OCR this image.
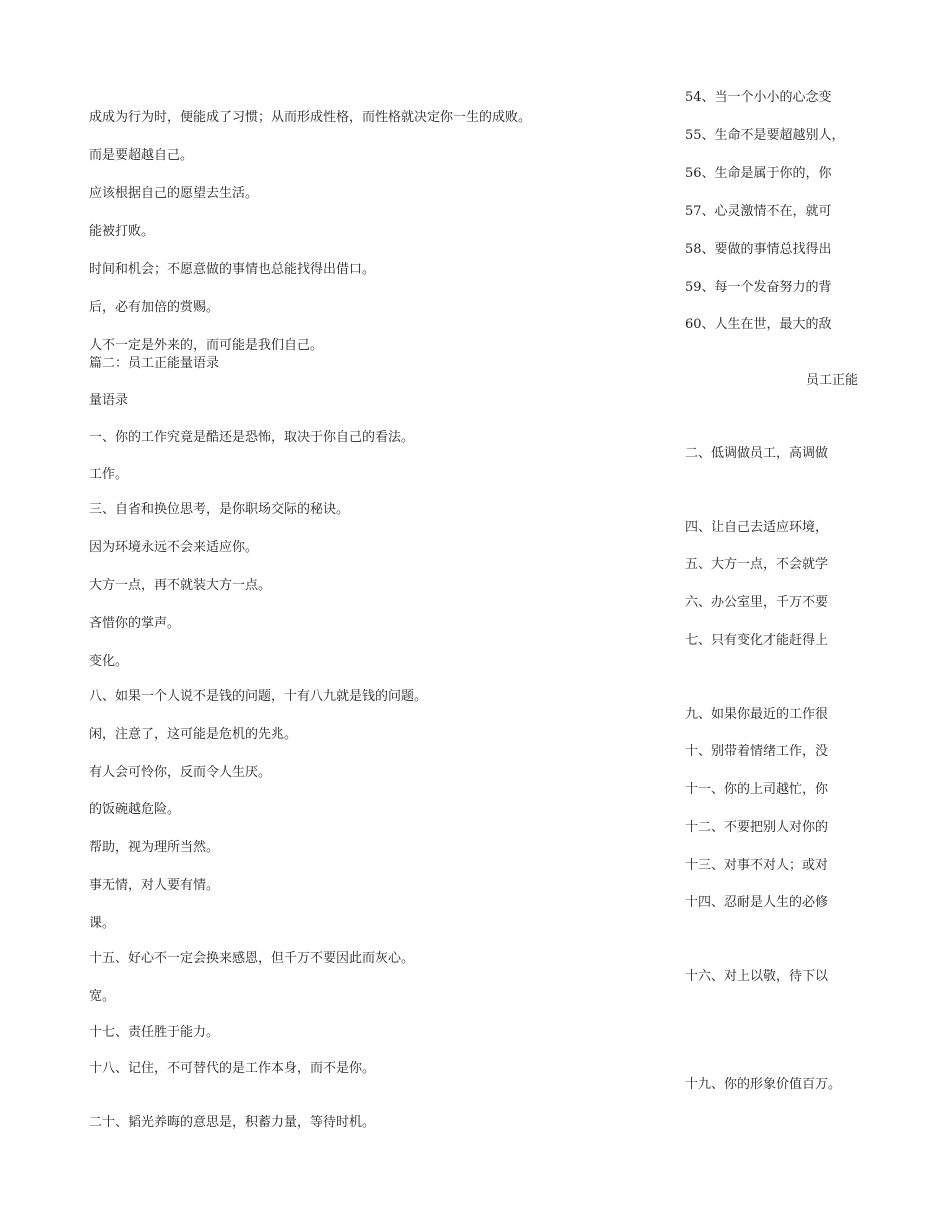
成成为行为时，便能成了习惯；从而形成性格，而性格就决定你一生的成败。
而是要超越自己。
应该根据自己的愿望去生活。
能被打败。
时间和机会；不愿意做的事情也总能找得出借口。
后，必有加倍的赏赐。
人不一定是外来的，而可能是我们自己。
篇二：员工正能量语录
量语录
一、你的工作究竟是酷还是恐怖，取决于你自己的看法。
工作。
三、自省和换位思考，是你职场交际的秘诀。
因为环境永远不会来适应你。
大方一点，再不就装大方一点。
吝惜你的掌声。
变化。
八、如果一个人说不是钱的问题，十有八九就是钱的问题。
闲，注意了，这可能是危机的先兆。
有人会可怜你，反而令人生厌。
的饭碗越危险。
帮助，视为理所当然。
事无情，对人要有情。
课。
十五、好心不一定会换来感恩，但千万不要因此而灰心。
宽。
十七、责任胜于能力。
十八、记住，不可替代的是工作本身，而不是你。
二十、韬光养晦的意思是，积蓄力量，等待时机。
54、当一个小小的心念变
55、生命不是要超越别人，
56、生命是属于你的，你
57、心灵激情不在，就可
58、要做的事情总找得出
59、每一个发奋努力的背
60、人生在世，最大的敌
员工正能
二、低调做员工，高调做
四、让自己去适应环境，
五、大方一点，不会就学
六、办公室里，千万不要
七、只有变化才能赶得上
九、如果你最近的工作很
十、别带着情绪工作，没
十一、你的上司越忙，你
十二、不要把别人对你的
十三、对事不对人；或对
十四、忍耐是人生的必修
十六、对上以敬，待下以
十九、你的形象价值百万。
